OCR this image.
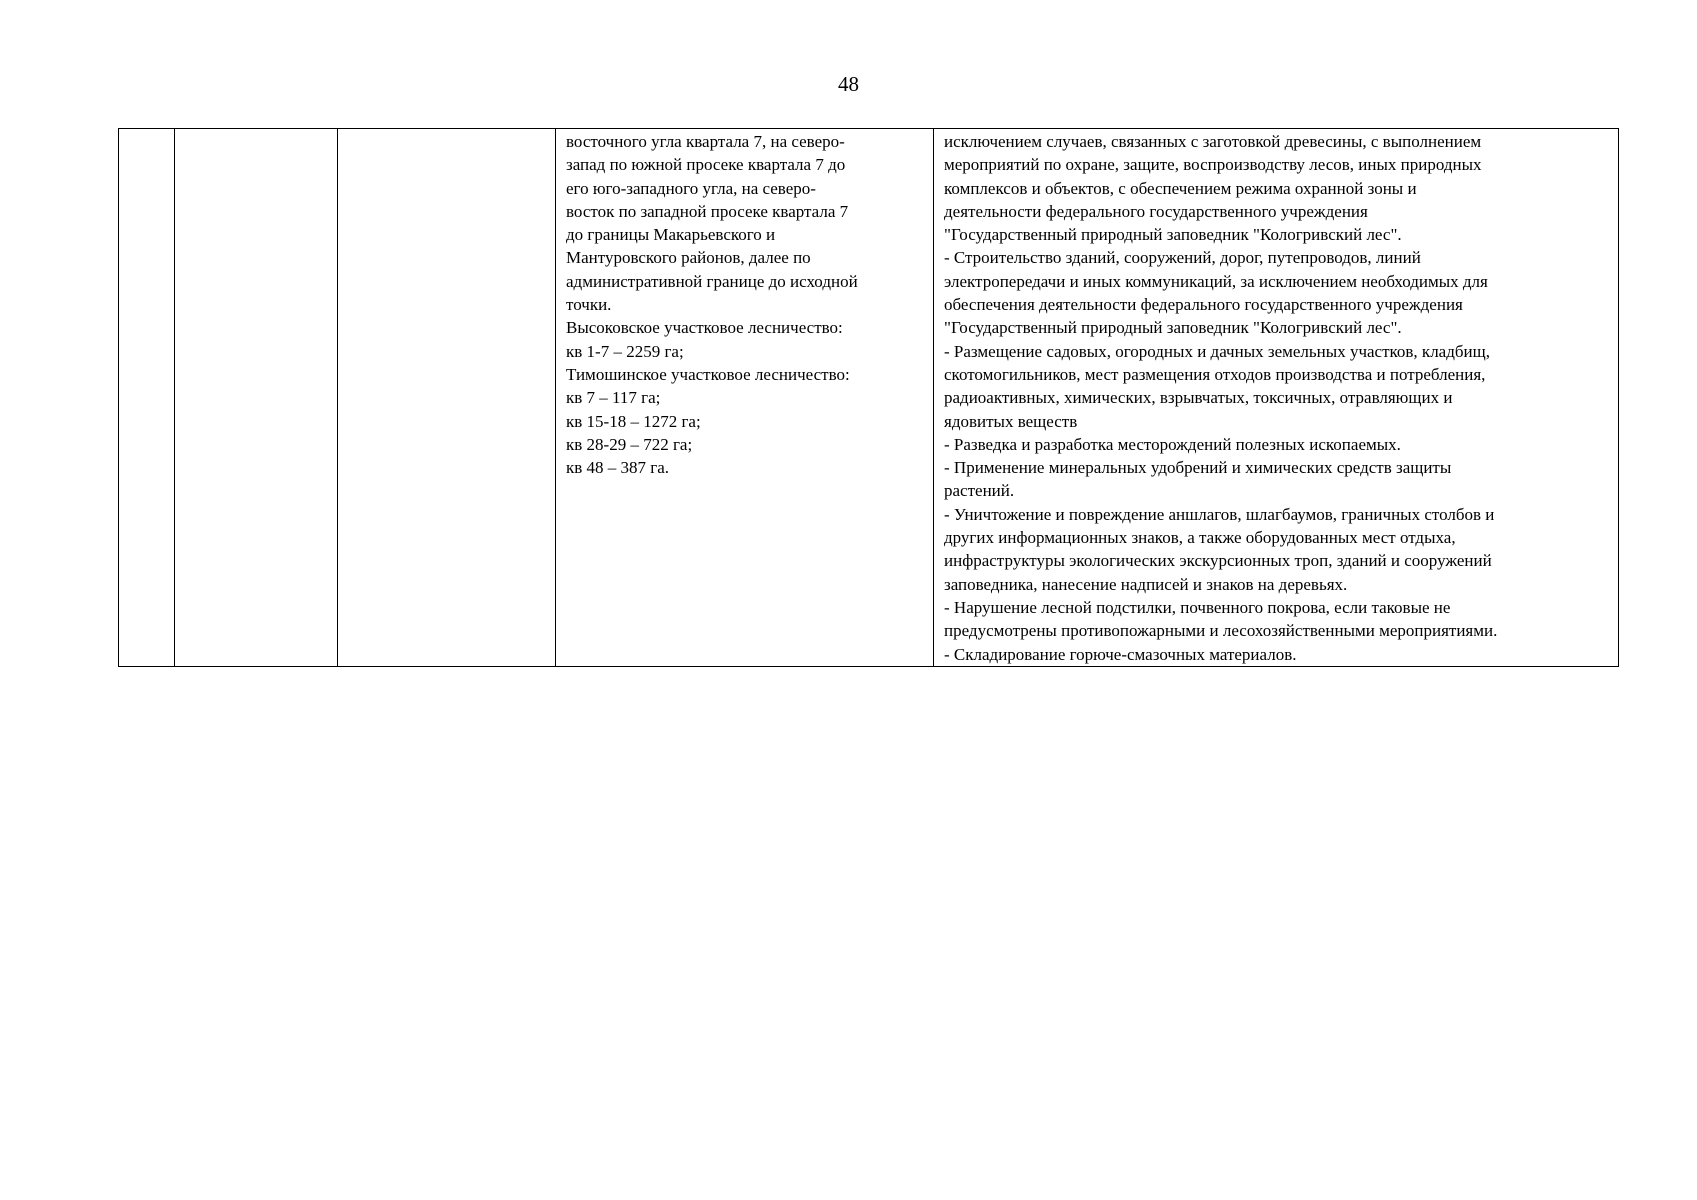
48

восточного угла квартала 7, на северо-
запад по южной просеке квартала 7 до
его юго-западного угла, на северо-
восток по западной просеке квартала 7
до границы Макарьевского и
Мантуровского районов, далее по
административной границе до исходной
точки.
Высоковское участковое лесничество:
кв 1-7 – 2259 га;
Тимошинское участковое лесничество:
кв 7 – 117 га;
кв 15-18 – 1272 га;
кв 28-29 – 722 га;
кв 48 – 387 га.

исключением случаев, связанных с заготовкой древесины, с выполнением
мероприятий по охране, защите, воспроизводству лесов, иных природных
комплексов и объектов, с обеспечением режима охранной зоны и
деятельности федерального государственного учреждения
"Государственный природный заповедник "Кологривский лес".
- Строительство зданий, сооружений, дорог, путепроводов, линий
электропередачи и иных коммуникаций, за исключением необходимых для
обеспечения деятельности федерального государственного учреждения
"Государственный природный заповедник "Кологривский лес".
- Размещение садовых, огородных и дачных земельных участков, кладбищ,
скотомогильников, мест размещения отходов производства и потребления,
радиоактивных, химических, взрывчатых, токсичных, отравляющих и
ядовитых веществ
- Разведка и разработка месторождений полезных ископаемых.
- Применение минеральных удобрений и химических средств защиты
растений.
- Уничтожение и повреждение аншлагов, шлагбаумов, граничных столбов и
других информационных знаков, а также оборудованных мест отдыха,
инфраструктуры экологических экскурсионных троп, зданий и сооружений
заповедника, нанесение надписей и знаков на деревьях.
- Нарушение лесной подстилки, почвенного покрова, если таковые не
предусмотрены противопожарными и лесохозяйственными мероприятиями.
- Складирование горюче-смазочных материалов.
